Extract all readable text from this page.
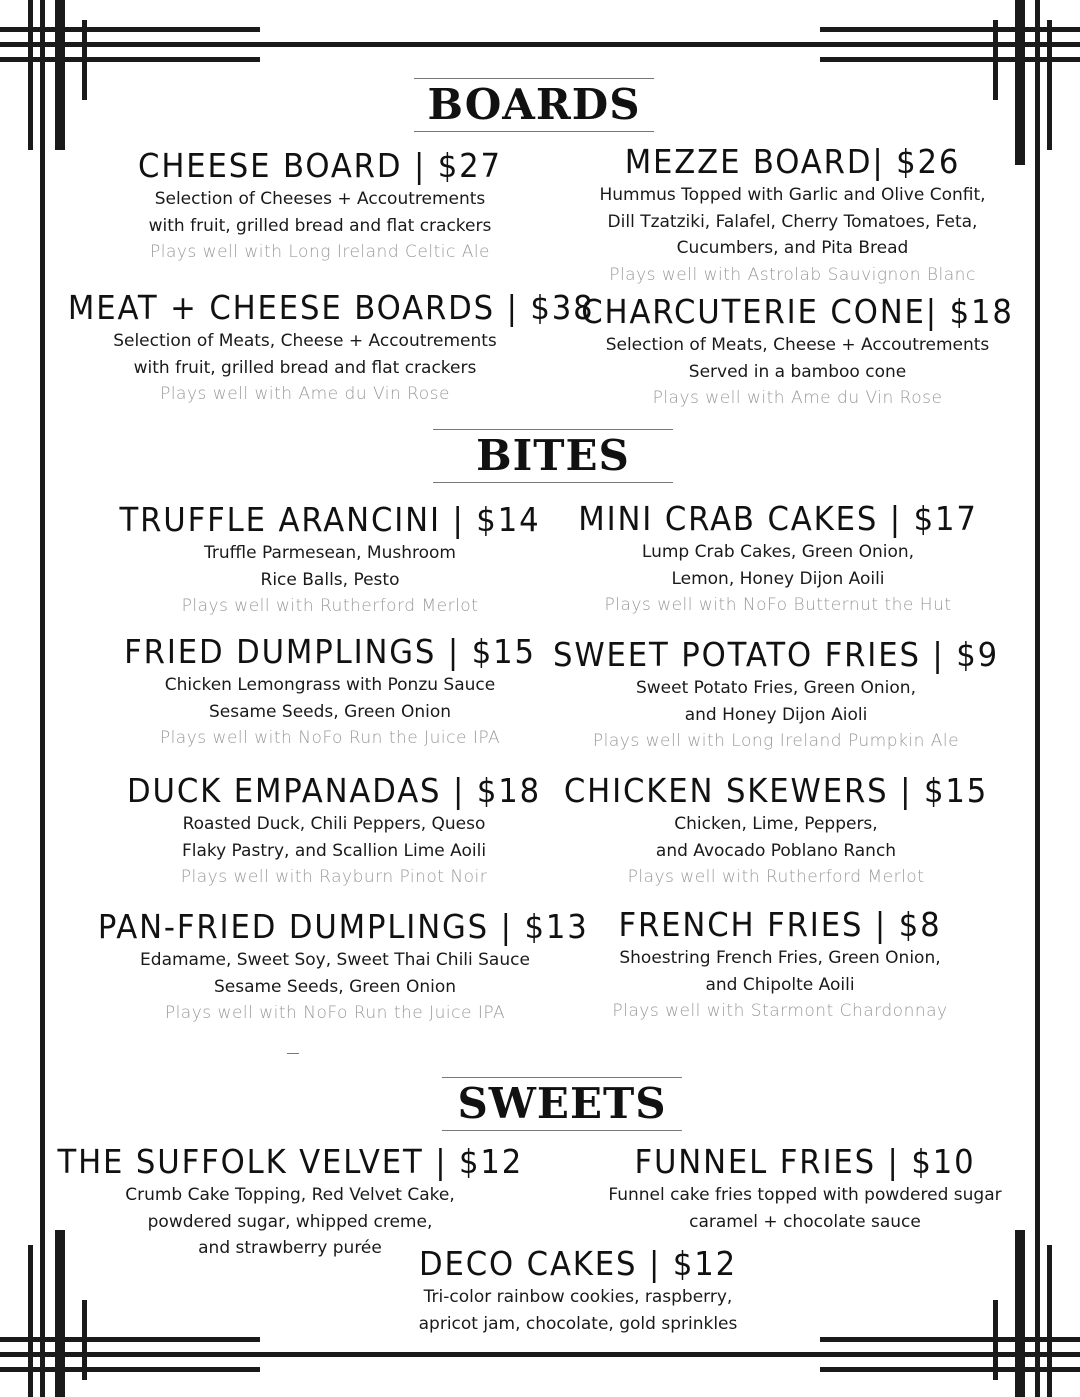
BOARDS
BITES
SWEETS
CHEESE BOARD | $27
Selection of Cheeses + Accoutrements
with fruit, grilled bread and flat crackers
Plays well with Long Ireland Celtic Ale
MEZZE BOARD| $26
Hummus Topped with Garlic and Olive Confit,
Dill Tzatziki, Falafel, Cherry Tomatoes, Feta,
Cucumbers, and Pita Bread
Plays well with Astrolab Sauvignon Blanc
MEAT + CHEESE BOARDS | $38
Selection of Meats, Cheese + Accoutrements
with fruit, grilled bread and flat crackers
Plays well with Ame du Vin Rose
CHARCUTERIE CONE| $18
Selection of Meats, Cheese + Accoutrements
Served in a bamboo cone
Plays well with Ame du Vin Rose
TRUFFLE ARANCINI | $14
Truffle Parmesean, Mushroom
Rice Balls, Pesto
Plays well with Rutherford Merlot
MINI CRAB CAKES | $17
Lump Crab Cakes, Green Onion,
Lemon, Honey Dijon Aoili
Plays well with NoFo Butternut the Hut
FRIED DUMPLINGS | $15
Chicken Lemongrass with Ponzu Sauce
Sesame Seeds, Green Onion
Plays well with NoFo Run the Juice IPA
SWEET POTATO FRIES | $9
Sweet Potato Fries, Green Onion,
and Honey Dijon Aioli
Plays well with Long Ireland Pumpkin Ale
DUCK EMPANADAS | $18
Roasted Duck, Chili Peppers, Queso
Flaky Pastry, and Scallion Lime Aoili
Plays well with Rayburn Pinot Noir
CHICKEN SKEWERS | $15
Chicken, Lime, Peppers,
and Avocado Poblano Ranch
Plays well with Rutherford Merlot
PAN-FRIED DUMPLINGS | $13
Edamame, Sweet Soy, Sweet Thai Chili Sauce
Sesame Seeds, Green Onion
Plays well with NoFo Run the Juice IPA
FRENCH FRIES | $8
Shoestring French Fries, Green Onion,
and Chipolte Aoili
Plays well with Starmont Chardonnay
THE SUFFOLK VELVET | $12
Crumb Cake Topping, Red Velvet Cake,
powdered sugar, whipped creme,
and strawberry purée
FUNNEL FRIES | $10
Funnel cake fries topped with powdered sugar
caramel + chocolate sauce
DECO CAKES | $12
Tri-color rainbow cookies, raspberry,
apricot jam, chocolate, gold sprinkles
